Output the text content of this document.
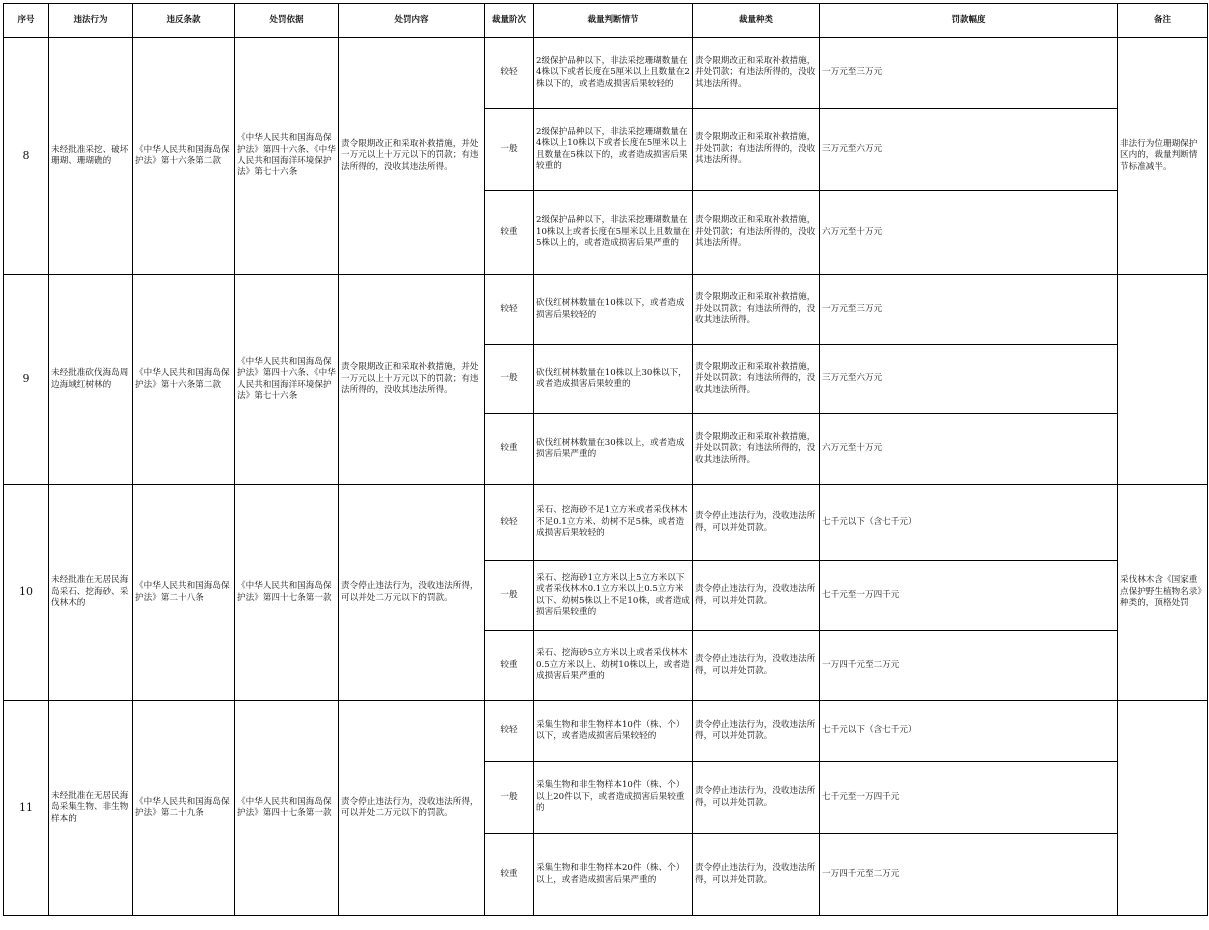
序号	违法行为	违反条款	处罚依据	处罚内容	裁量阶次	裁量判断情节	裁量种类	罚款幅度	备注
8	未经批准采挖、破坏珊瑚、珊瑚礁的	《中华人民共和国海岛保护法》第十六条第二款	《中华人民共和国海岛保护法》第四十六条、《中华人民共和国海洋环境保护法》第七十六条	责令限期改正和采取补救措施，并处一万元以上十万元以下的罚款；有违法所得的，没收其违法所得。	较轻	2级保护品种以下，非法采挖珊瑚数量在4株以下或者长度在5厘米以上且数量在2株以下的，或者造成损害后果较轻的	责令限期改正和采取补救措施，并处罚款；有违法所得的，没收其违法所得。	一万元至三万元	非法行为位珊瑚保护区内的，裁量判断情节标准减半。
					一般	2级保护品种以下，非法采挖珊瑚数量在4株以上10株以下或者长度在5厘米以上且数量在5株以下的，或者造成损害后果较重的	责令限期改正和采取补救措施，并处罚款；有违法所得的，没收其违法所得。	三万元至六万元	
					较重	2级保护品种以下，非法采挖珊瑚数量在10株以上或者长度在5厘米以上且数量在5株以上的，或者造成损害后果严重的	责令限期改正和采取补救措施，并处罚款；有违法所得的，没收其违法所得。	六万元至十万元	
9	未经批准砍伐海岛周边海域红树林的	《中华人民共和国海岛保护法》第十六条第二款	《中华人民共和国海岛保护法》第四十六条、《中华人民共和国海洋环境保护法》第七十六条	责令限期改正和采取补救措施，并处一万元以上十万元以下的罚款；有违法所得的，没收其违法所得。	较轻	砍伐红树林数量在10株以下，或者造成损害后果较轻的	责令限期改正和采取补救措施，并处以罚款；有违法所得的，没收其违法所得。	一万元至三万元	
					一般	砍伐红树林数量在10株以上30株以下，或者造成损害后果较重的	责令限期改正和采取补救措施，并处以罚款；有违法所得的，没收其违法所得。	三万元至六万元	
					较重	砍伐红树林数量在30株以上，或者造成损害后果严重的	责令限期改正和采取补救措施，并处以罚款；有违法所得的，没收其违法所得。	六万元至十万元	
10	未经批准在无居民海岛采石、挖海砂、采伐林木的	《中华人民共和国海岛保护法》第二十八条	《中华人民共和国海岛保护法》第四十七条第一款	责令停止违法行为，没收违法所得，可以并处二万元以下的罚款。	较轻	采石、挖海砂不足1立方米或者采伐林木不足0.1立方米、幼树不足5株，或者造成损害后果较轻的	责令停止违法行为，没收违法所得，可以并处罚款。	七千元以下（含七千元）	采伐林木含《国家重点保护野生植物名录》种类的，顶格处罚
					一般	采石、挖海砂1立方米以上5立方米以下或者采伐林木0.1立方米以上0.5立方米以下、幼树5株以上不足10株，或者造成损害后果较重的	责令停止违法行为，没收违法所得，可以并处罚款。	七千元至一万四千元	
					较重	采石、挖海砂5立方米以上或者采伐林木0.5立方米以上、幼树10株以上，或者造成损害后果严重的	责令停止违法行为，没收违法所得，可以并处罚款。	一万四千元至二万元	
11	未经批准在无居民海岛采集生物、非生物样本的	《中华人民共和国海岛保护法》第二十九条	《中华人民共和国海岛保护法》第四十七条第一款	责令停止违法行为，没收违法所得，可以并处二万元以下的罚款。	较轻	采集生物和非生物样本10件（株、个）以下，或者造成损害后果较轻的	责令停止违法行为，没收违法所得，可以并处罚款。	七千元以下（含七千元）	
					一般	采集生物和非生物样本10件（株、个）以上20件以下，或者造成损害后果较重的	责令停止违法行为，没收违法所得，可以并处罚款。	七千元至一万四千元	
					较重	采集生物和非生物样本20件（株、个）以上，或者造成损害后果严重的	责令停止违法行为，没收违法所得，可以并处罚款。	一万四千元至二万元	
